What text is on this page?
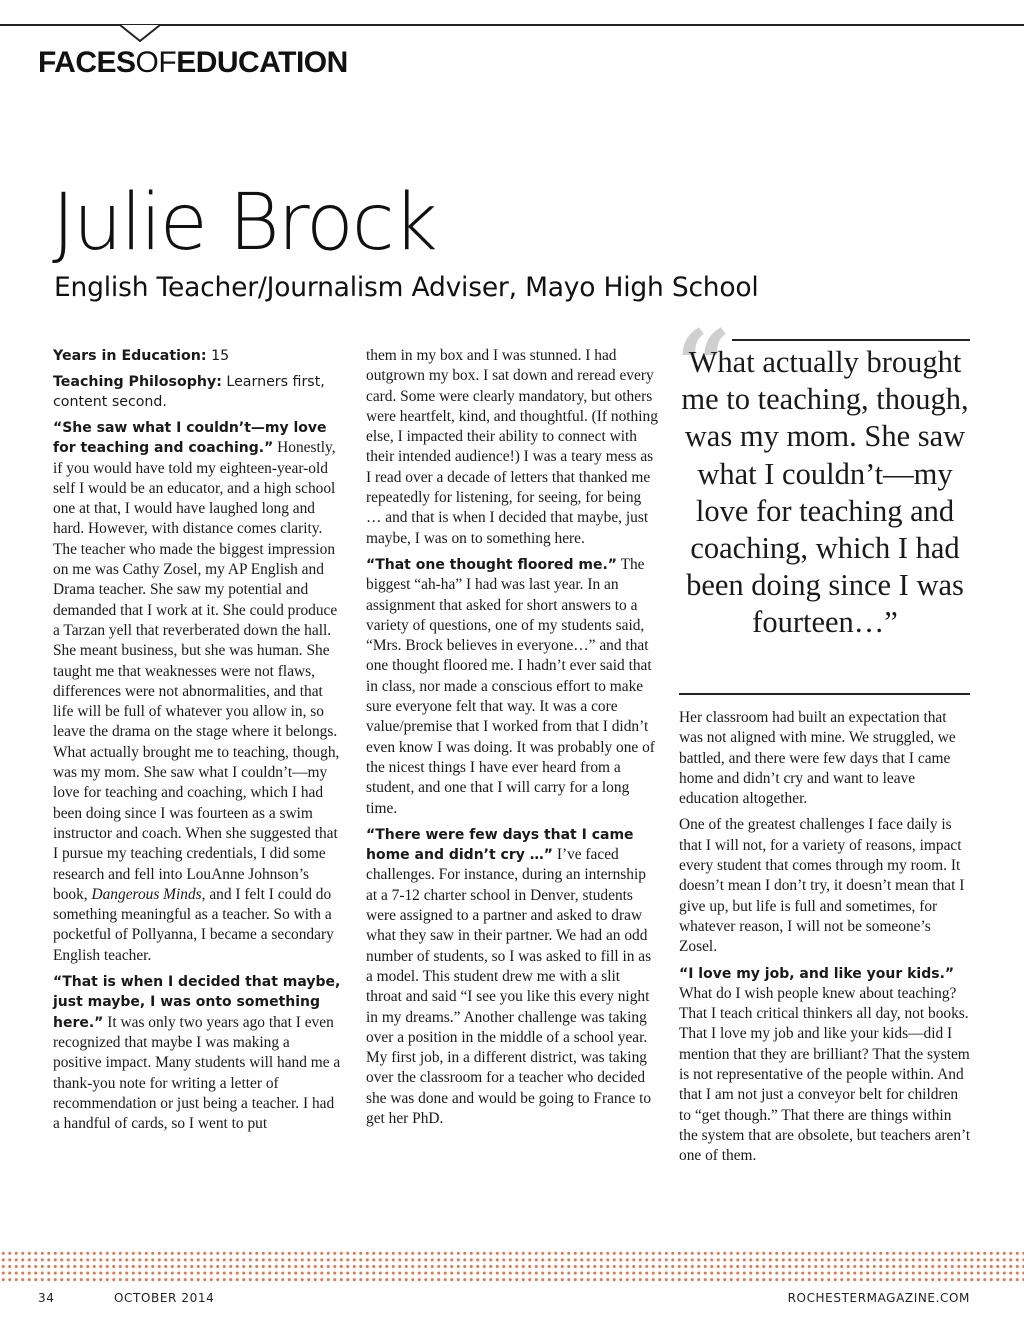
FACESOFEDUCATION
Julie Brock
English Teacher/Journalism Adviser, Mayo High School

Years in Education: 15

Teaching Philosophy: Learners first, content second.

“She saw what I couldn’t—my love for teaching and coaching.” Honestly, if you would have told my eighteen-year-old self I would be an educator, and a high school one at that, I would have laughed long and hard. However, with distance comes clarity. The teacher who made the biggest impression on me was Cathy Zosel, my AP English and Drama teacher. She saw my potential and demanded that I work at it. She could produce a Tarzan yell that reverberated down the hall. She meant business, but she was human. She taught me that weaknesses were not flaws, differences were not abnormalities, and that life will be full of whatever you allow in, so leave the drama on the stage where it belongs. What actually brought me to teaching, though, was my mom. She saw what I couldn’t—my love for teaching and coaching, which I had been doing since I was fourteen as a swim instructor and coach. When she suggested that I pursue my teaching credentials, I did some research and fell into LouAnne Johnson’s book, Dangerous Minds, and I felt I could do something meaningful as a teacher. So with a pocketful of Pollyanna, I became a secondary English teacher.

“That is when I decided that maybe, just maybe, I was onto something here.” It was only two years ago that I even recognized that maybe I was making a positive impact. Many students will hand me a thank-you note for writing a letter of recommendation or just being a teacher. I had a handful of cards, so I went to put

them in my box and I was stunned. I had outgrown my box. I sat down and reread every card. Some were clearly mandatory, but others were heartfelt, kind, and thoughtful. (If nothing else, I impacted their ability to connect with their intended audience!) I was a teary mess as I read over a decade of letters that thanked me repeatedly for listening, for seeing, for being … and that is when I decided that maybe, just maybe, I was on to something here.

“That one thought floored me.” The biggest “ah-ha” I had was last year. In an assignment that asked for short answers to a variety of questions, one of my students said, “Mrs. Brock believes in everyone…” and that one thought floored me. I hadn’t ever said that in class, nor made a conscious effort to make sure everyone felt that way. It was a core value/premise that I worked from that I didn’t even know I was doing. It was probably one of the nicest things I have ever heard from a student, and one that I will carry for a long time.

“There were few days that I came home and didn’t cry …” I’ve faced challenges. For instance, during an internship at a 7-12 charter school in Denver, students were assigned to a partner and asked to draw what they saw in their partner. We had an odd number of students, so I was asked to fill in as a model. This student drew me with a slit throat and said “I see you like this every night in my dreams.” Another challenge was taking over a position in the middle of a school year. My first job, in a different district, was taking over the classroom for a teacher who decided she was done and would be going to France to get her PhD.

“
What actually brought me to teaching, though, was my mom. She saw what I couldn’t—my love for teaching and coaching, which I had been doing since I was fourteen…”

Her classroom had built an expectation that was not aligned with mine. We struggled, we battled, and there were few days that I came home and didn’t cry and want to leave education altogether.

One of the greatest challenges I face daily is that I will not, for a variety of reasons, impact every student that comes through my room. It doesn’t mean I don’t try, it doesn’t mean that I give up, but life is full and sometimes, for whatever reason, I will not be someone’s Zosel.

“I love my job, and like your kids.” What do I wish people knew about teaching? That I teach critical thinkers all day, not books. That I love my job and like your kids—did I mention that they are brilliant? That the system is not representative of the people within. And that I am not just a conveyor belt for children to “get though.” That there are things within the system that are obsolete, but teachers aren’t one of them.

34	OCTOBER 2014	ROCHESTERMAGAZINE.COM
